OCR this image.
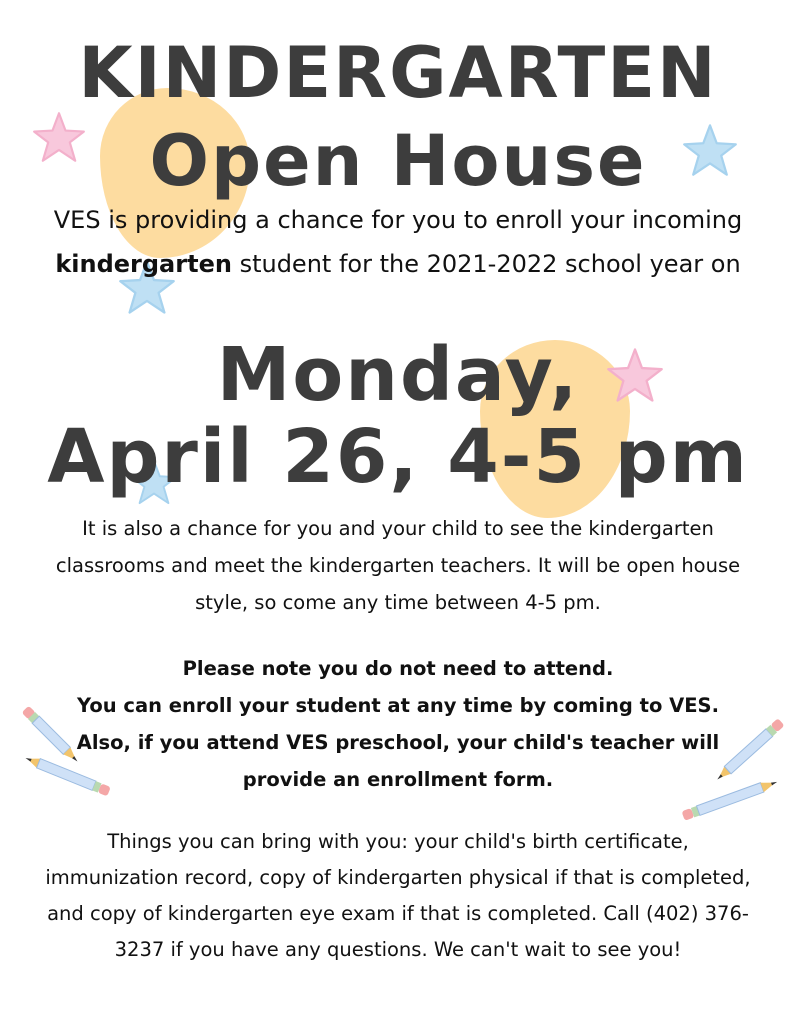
KINDERGARTEN
Open House
VES is providing a chance for you to enroll your incoming kindergarten student for the 2021-2022 school year on
Monday,
April 26, 4-5 pm
It is also a chance for you and your child to see the kindergarten classrooms and meet the kindergarten teachers. It will be open house style, so come any time between 4-5 pm.
Please note you do not need to attend.
You can enroll your student at any time by coming to VES.
Also, if you attend VES preschool, your child's teacher will provide an enrollment form.
Things you can bring with you: your child's birth certificate, immunization record, copy of kindergarten physical if that is completed, and copy of kindergarten eye exam if that is completed. Call (402) 376-3237 if you have any questions. We can't wait to see you!
